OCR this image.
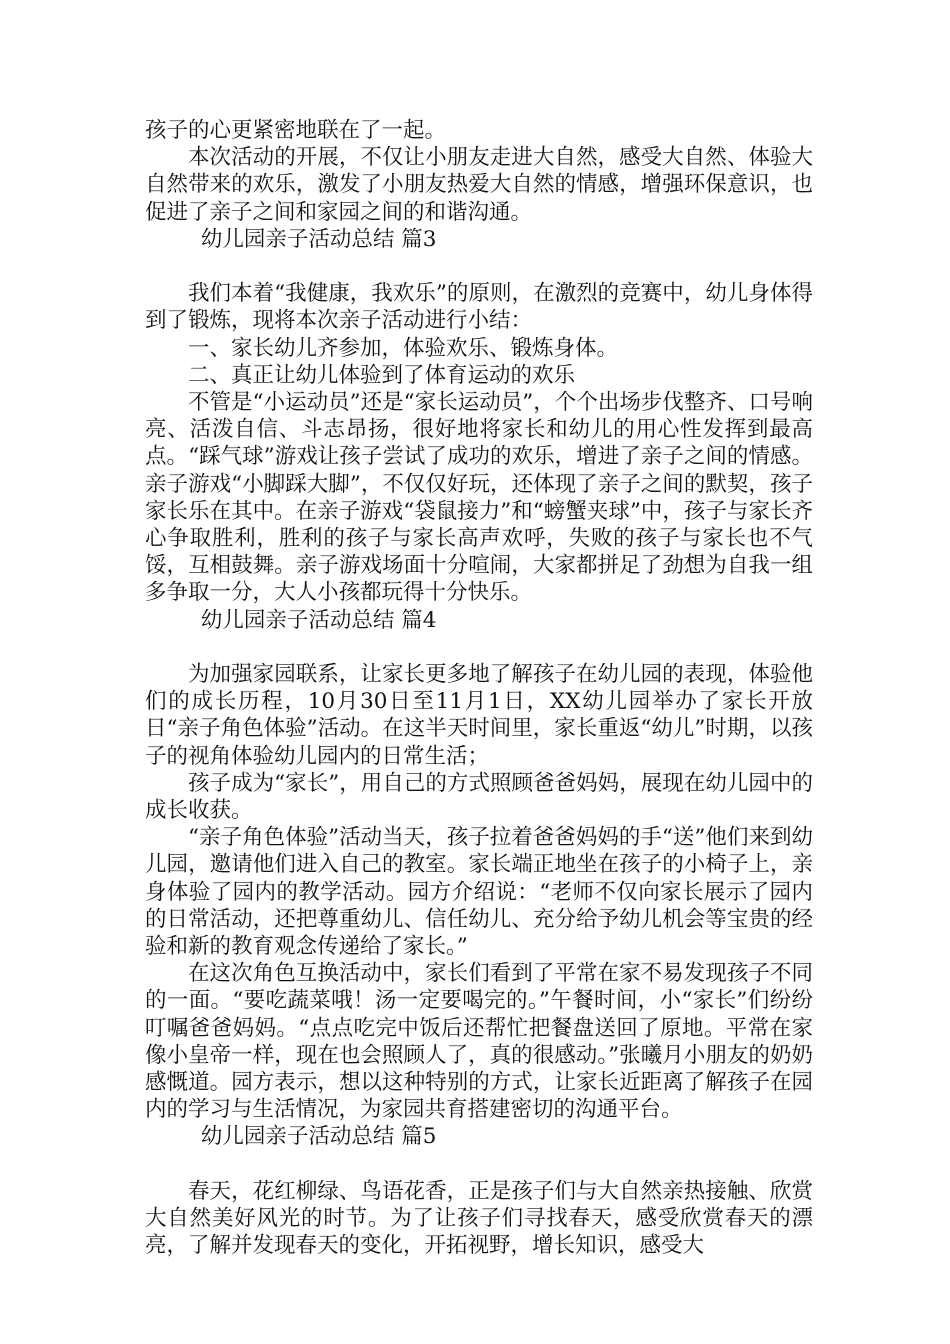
孩子的心更紧密地联在了一起。

本次活动的开展，不仅让小朋友走进大自然，感受大自然、体验大自然带来的欢乐，激发了小朋友热爱大自然的情感，增强环保意识，也促进了亲子之间和家园之间的和谐沟通。

幼儿园亲子活动总结 篇3

我们本着“我健康，我欢乐”的原则，在激烈的竞赛中，幼儿身体得到了锻炼，现将本次亲子活动进行小结：

一、家长幼儿齐参加，体验欢乐、锻炼身体。

二、真正让幼儿体验到了体育运动的欢乐

不管是“小运动员”还是“家长运动员”，个个出场步伐整齐、口号响亮、活泼自信、斗志昂扬，很好地将家长和幼儿的用心性发挥到最高点。“踩气球”游戏让孩子尝试了成功的欢乐，增进了亲子之间的情感。亲子游戏“小脚踩大脚”，不仅仅好玩，还体现了亲子之间的默契，孩子家长乐在其中。在亲子游戏“袋鼠接力”和“螃蟹夹球”中，孩子与家长齐心争取胜利，胜利的孩子与家长高声欢呼，失败的孩子与家长也不气馁，互相鼓舞。亲子游戏场面十分喧闹，大家都拼足了劲想为自我一组多争取一分，大人小孩都玩得十分快乐。

幼儿园亲子活动总结 篇4

为加强家园联系，让家长更多地了解孩子在幼儿园的表现，体验他们的成长历程，10月30日至11月1日，XX幼儿园举办了家长开放日“亲子角色体验”活动。在这半天时间里，家长重返“幼儿”时期，以孩子的视角体验幼儿园内的日常生活；

孩子成为“家长”，用自己的方式照顾爸爸妈妈，展现在幼儿园中的成长收获。

“亲子角色体验”活动当天，孩子拉着爸爸妈妈的手“送”他们来到幼儿园，邀请他们进入自己的教室。家长端正地坐在孩子的小椅子上，亲身体验了园内的教学活动。园方介绍说：“老师不仅向家长展示了园内的日常活动，还把尊重幼儿、信任幼儿、充分给予幼儿机会等宝贵的经验和新的教育观念传递给了家长。”

在这次角色互换活动中，家长们看到了平常在家不易发现孩子不同的一面。“要吃蔬菜哦！汤一定要喝完的。”午餐时间，小“家长”们纷纷叮嘱爸爸妈妈。“点点吃完中饭后还帮忙把餐盘送回了原地。平常在家像小皇帝一样，现在也会照顾人了，真的很感动。”张曦月小朋友的奶奶感慨道。园方表示，想以这种特别的方式，让家长近距离了解孩子在园内的学习与生活情况，为家园共育搭建密切的沟通平台。

幼儿园亲子活动总结 篇5

春天，花红柳绿、鸟语花香，正是孩子们与大自然亲热接触、欣赏大自然美好风光的时节。为了让孩子们寻找春天，感受欣赏春天的漂亮，了解并发现春天的变化，开拓视野，增长知识，感受大
